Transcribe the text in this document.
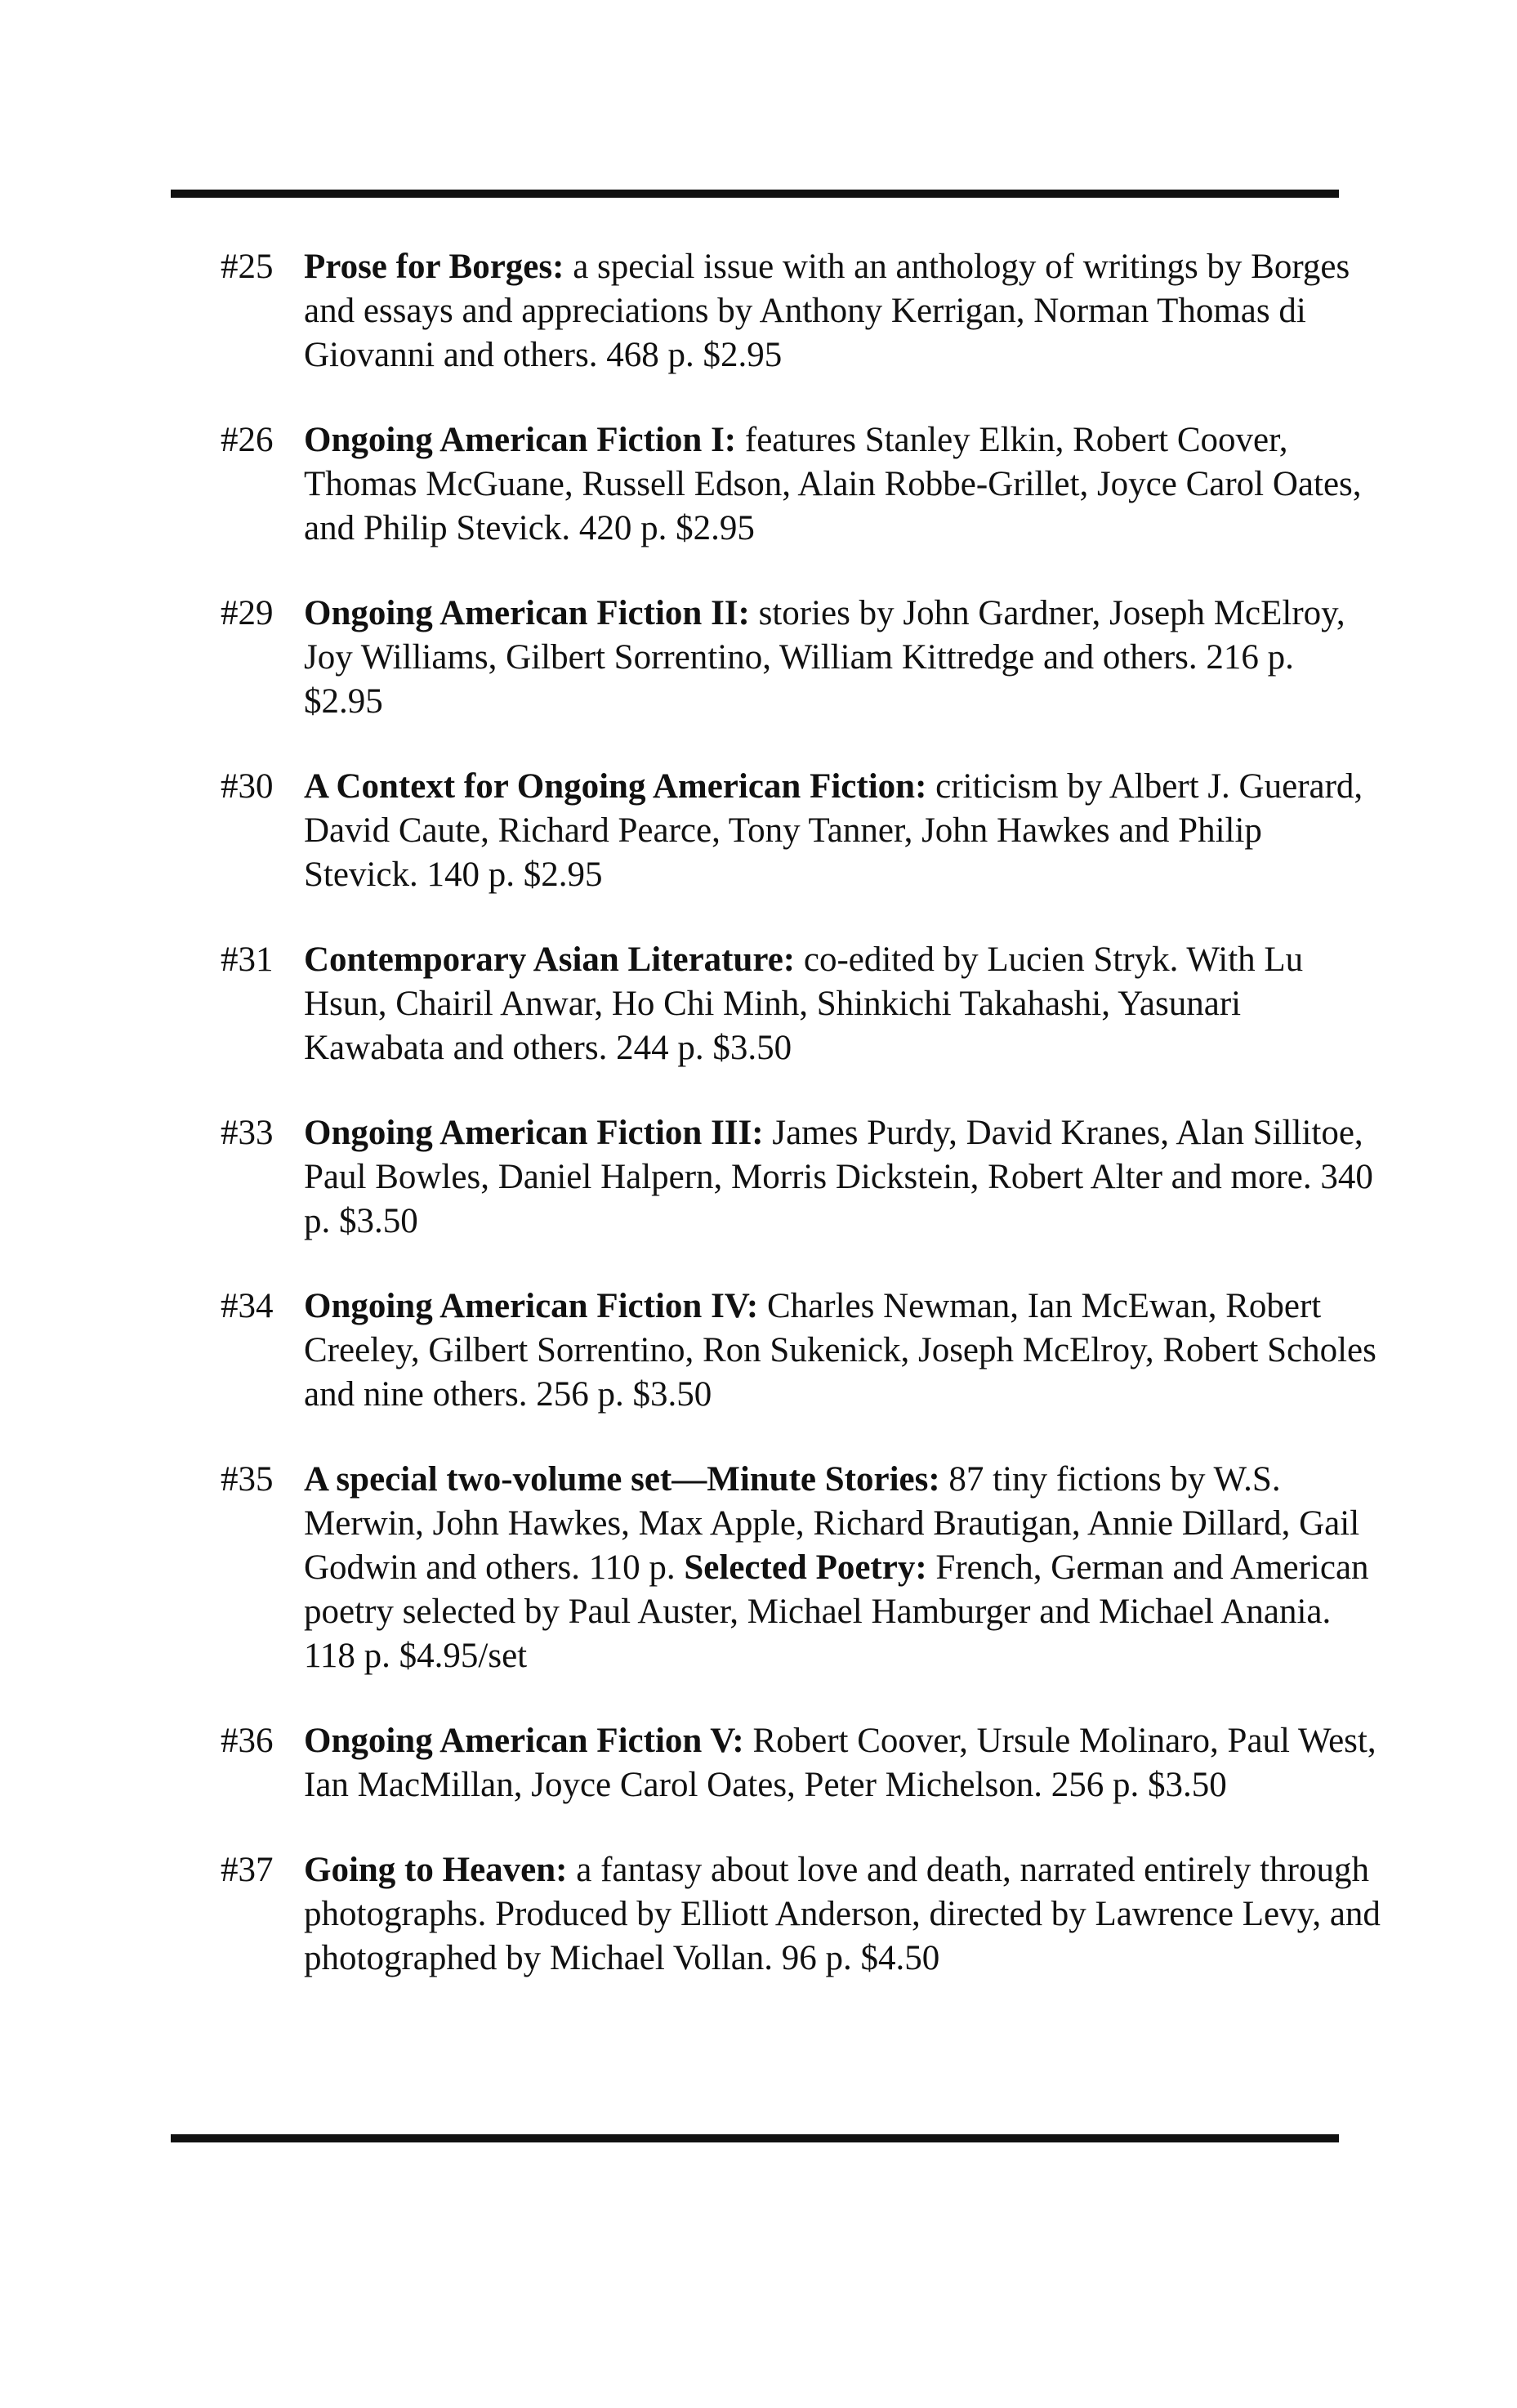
#25 Prose for Borges: a special issue with an anthology of writings by Borges and essays and appreciations by Anthony Kerrigan, Norman Thomas di Giovanni and others. 468 p. $2.95
#26 Ongoing American Fiction I: features Stanley Elkin, Robert Coover, Thomas McGuane, Russell Edson, Alain Robbe-Grillet, Joyce Carol Oates, and Philip Stevick. 420 p. $2.95
#29 Ongoing American Fiction II: stories by John Gardner, Joseph McElroy, Joy Williams, Gilbert Sorrentino, William Kittredge and others. 216 p. $2.95
#30 A Context for Ongoing American Fiction: criticism by Albert J. Guerard, David Caute, Richard Pearce, Tony Tanner, John Hawkes and Philip Stevick. 140 p. $2.95
#31 Contemporary Asian Literature: co-edited by Lucien Stryk. With Lu Hsun, Chairil Anwar, Ho Chi Minh, Shinkichi Takahashi, Yasunari Kawabata and others. 244 p. $3.50
#33 Ongoing American Fiction III: James Purdy, David Kranes, Alan Sillitoe, Paul Bowles, Daniel Halpern, Morris Dickstein, Robert Alter and more. 340 p. $3.50
#34 Ongoing American Fiction IV: Charles Newman, Ian McEwan, Robert Creeley, Gilbert Sorrentino, Ron Sukenick, Joseph McElroy, Robert Scholes and nine others. 256 p. $3.50
#35 A special two-volume set—Minute Stories: 87 tiny fictions by W.S. Merwin, John Hawkes, Max Apple, Richard Brautigan, Annie Dillard, Gail Godwin and others. 110 p. Selected Poetry: French, German and American poetry selected by Paul Auster, Michael Hamburger and Michael Anania. 118 p. $4.95/set
#36 Ongoing American Fiction V: Robert Coover, Ursule Molinaro, Paul West, Ian MacMillan, Joyce Carol Oates, Peter Michelson. 256 p. $3.50
#37 Going to Heaven: a fantasy about love and death, narrated entirely through photographs. Produced by Elliott Anderson, directed by Lawrence Levy, and photographed by Michael Vollan. 96 p. $4.50
